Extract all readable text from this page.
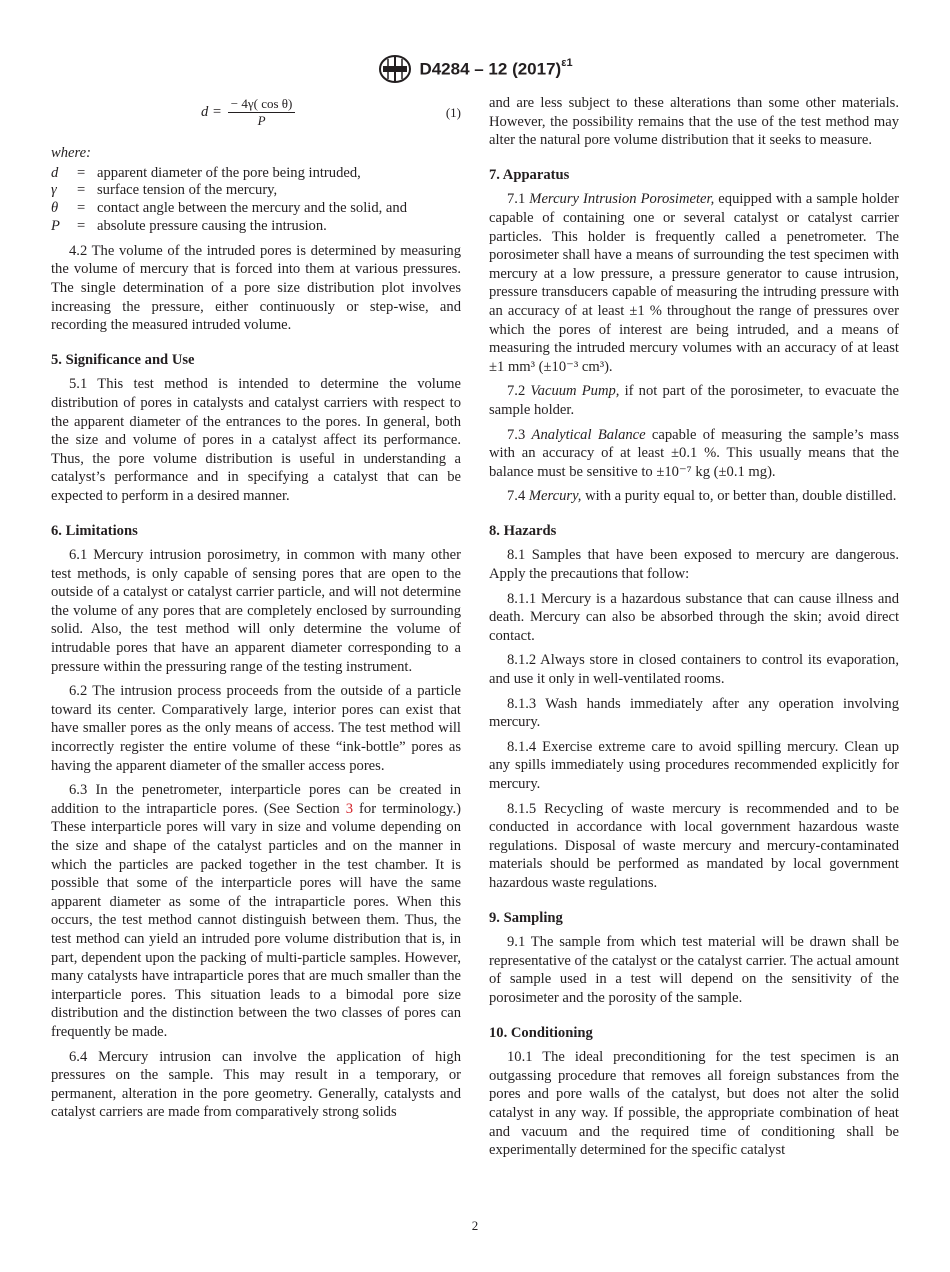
D4284 – 12 $(2017)^{\varepsilon 1}$
$d = \frac{\text{− 4γ( cos θ)}}{P}$	(1)
where:
d	= apparent diameter of the pore being intruded,
γ	= surface tension of the mercury,
θ	= contact angle between the mercury and the solid, and
P	= absolute pressure causing the intrusion.

4.2 The volume of the intruded pores is determined by measuring the volume of mercury that is forced into them at various pressures. The single determination of a pore size distribution plot involves increasing the pressure, either continuously or step-wise, and recording the measured intruded volume.

5. Significance and Use

5.1 This test method is intended to determine the volume distribution of pores in catalysts and catalyst carriers with respect to the apparent diameter of the entrances to the pores. In general, both the size and volume of pores in a catalyst affect its performance. Thus, the pore volume distribution is useful in understanding a catalyst’s performance and in specifying a catalyst that can be expected to perform in a desired manner.

6. Limitations

6.1 Mercury intrusion porosimetry, in common with many other test methods, is only capable of sensing pores that are open to the outside of a catalyst or catalyst carrier particle, and will not determine the volume of any pores that are completely enclosed by surrounding solid. Also, the test method will only determine the volume of intrudable pores that have an apparent diameter corresponding to a pressure within the pressuring range of the testing instrument.

6.2 The intrusion process proceeds from the outside of a particle toward its center. Comparatively large, interior pores can exist that have smaller pores as the only means of access. The test method will incorrectly register the entire volume of these “ink-bottle” pores as having the apparent diameter of the smaller access pores.

6.3 In the penetrometer, interparticle pores can be created in addition to the intraparticle pores. (See Section 3 for terminology.) These interparticle pores will vary in size and volume depending on the size and shape of the catalyst particles and on the manner in which the particles are packed together in the test chamber. It is possible that some of the interparticle pores will have the same apparent diameter as some of the intraparticle pores. When this occurs, the test method cannot distinguish between them. Thus, the test method can yield an intruded pore volume distribution that is, in part, dependent upon the packing of multi-particle samples. However, many catalysts have intraparticle pores that are much smaller than the interparticle pores. This situation leads to a bimodal pore size distribution and the distinction between the two classes of pores can frequently be made.

6.4 Mercury intrusion can involve the application of high pressures on the sample. This may result in a temporary, or permanent, alteration in the pore geometry. Generally, catalysts and catalyst carriers are made from comparatively strong solids

and are less subject to these alterations than some other materials. However, the possibility remains that the use of the test method may alter the natural pore volume distribution that it seeks to measure.

7. Apparatus

7.1 Mercury Intrusion Porosimeter, equipped with a sample holder capable of containing one or several catalyst or catalyst carrier particles. This holder is frequently called a penetrometer. The porosimeter shall have a means of surrounding the test specimen with mercury at a low pressure, a pressure generator to cause intrusion, pressure transducers capable of measuring the intruding pressure with an accuracy of at least ±1 % throughout the range of pressures over which the pores of interest are being intruded, and a means of measuring the intruded mercury volumes with an accuracy of at least ±1 mm³ (±10⁻³ cm³).

7.2 Vacuum Pump, if not part of the porosimeter, to evacuate the sample holder.

7.3 Analytical Balance capable of measuring the sample’s mass with an accuracy of at least ±0.1 %. This usually means that the balance must be sensitive to ±10⁻⁷ kg (±0.1 mg).

7.4 Mercury, with a purity equal to, or better than, double distilled.

8. Hazards

8.1 Samples that have been exposed to mercury are dangerous. Apply the precautions that follow:

8.1.1 Mercury is a hazardous substance that can cause illness and death. Mercury can also be absorbed through the skin; avoid direct contact.

8.1.2 Always store in closed containers to control its evaporation, and use it only in well-ventilated rooms.

8.1.3 Wash hands immediately after any operation involving mercury.

8.1.4 Exercise extreme care to avoid spilling mercury. Clean up any spills immediately using procedures recommended explicitly for mercury.

8.1.5 Recycling of waste mercury is recommended and to be conducted in accordance with local government hazardous waste regulations. Disposal of waste mercury and mercury-contaminated materials should be performed as mandated by local government hazardous waste regulations.

9. Sampling

9.1 The sample from which test material will be drawn shall be representative of the catalyst or the catalyst carrier. The actual amount of sample used in a test will depend on the sensitivity of the porosimeter and the porosity of the sample.

10. Conditioning

10.1 The ideal preconditioning for the test specimen is an outgassing procedure that removes all foreign substances from the pores and pore walls of the catalyst, but does not alter the solid catalyst in any way. If possible, the appropriate combination of heat and vacuum and the required time of conditioning shall be experimentally determined for the specific catalyst

2
